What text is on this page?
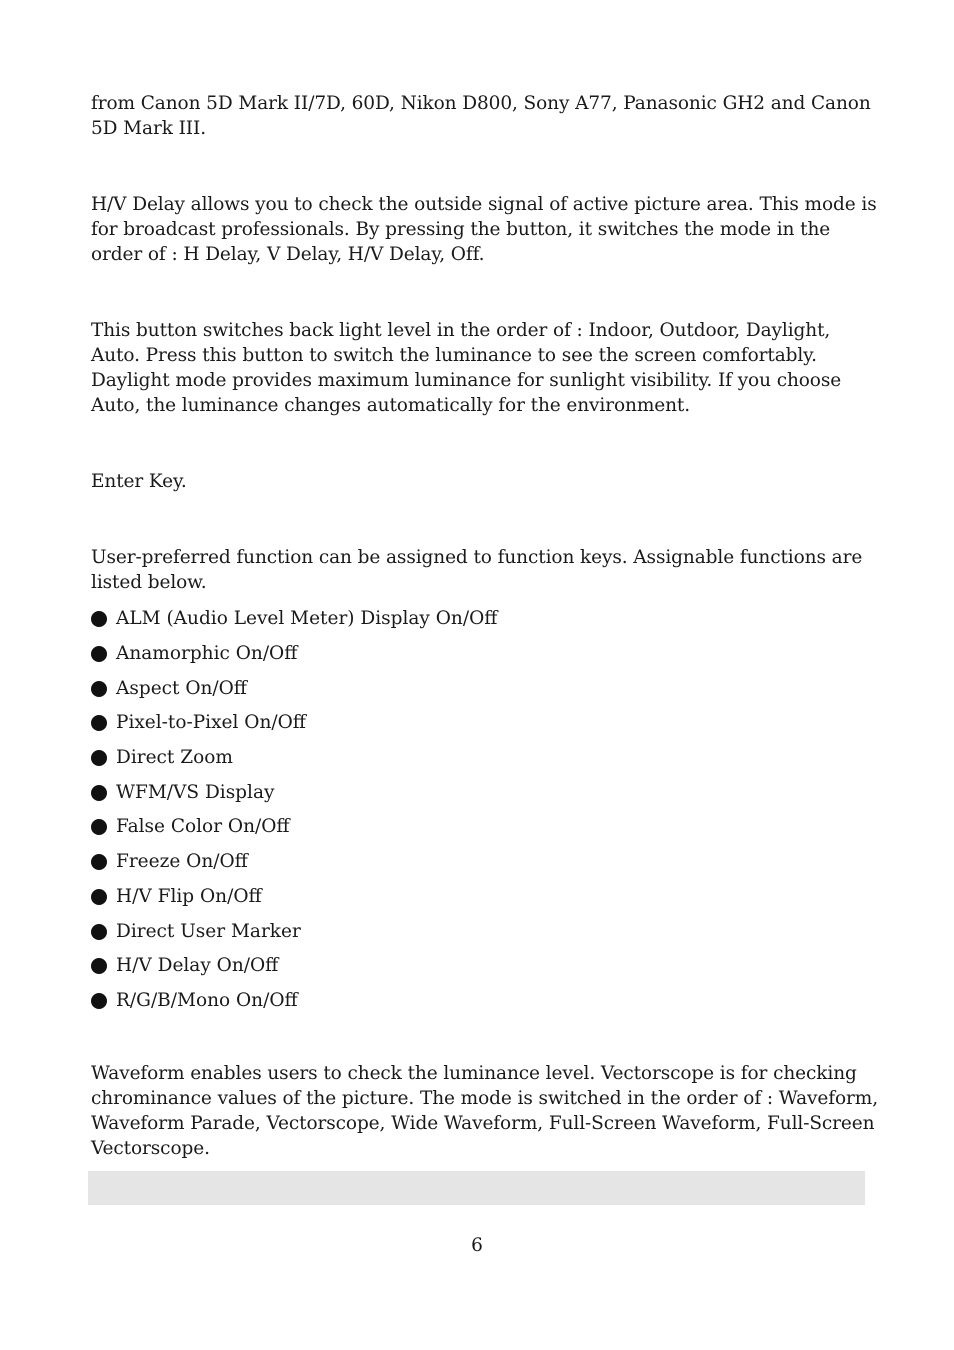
from Canon 5D Mark II/7D, 60D, Nikon D800, Sony A77, Panasonic GH2 and Canon 5D Mark III.

H/V Delay allows you to check the outside signal of active picture area. This mode is for broadcast professionals. By pressing the button, it switches the mode in the order of : H Delay, V Delay, H/V Delay, Off.

This button switches back light level in the order of : Indoor, Outdoor, Daylight, Auto. Press this button to switch the luminance to see the screen comfortably. Daylight mode provides maximum luminance for sunlight visibility. If you choose Auto, the luminance changes automatically for the environment.

Enter Key.

User-preferred function can be assigned to function keys. Assignable functions are listed below.

ALM (Audio Level Meter) Display On/Off
Anamorphic On/Off
Aspect On/Off
Pixel-to-Pixel On/Off
Direct Zoom
WFM/VS Display
False Color On/Off
Freeze On/Off
H/V Flip On/Off
Direct User Marker
H/V Delay On/Off
R/G/B/Mono On/Off

Waveform enables users to check the luminance level. Vectorscope is for checking chrominance values of the picture. The mode is switched in the order of : Waveform, Waveform Parade, Vectorscope, Wide Waveform, Full-Screen Waveform, Full-Screen Vectorscope.

6
